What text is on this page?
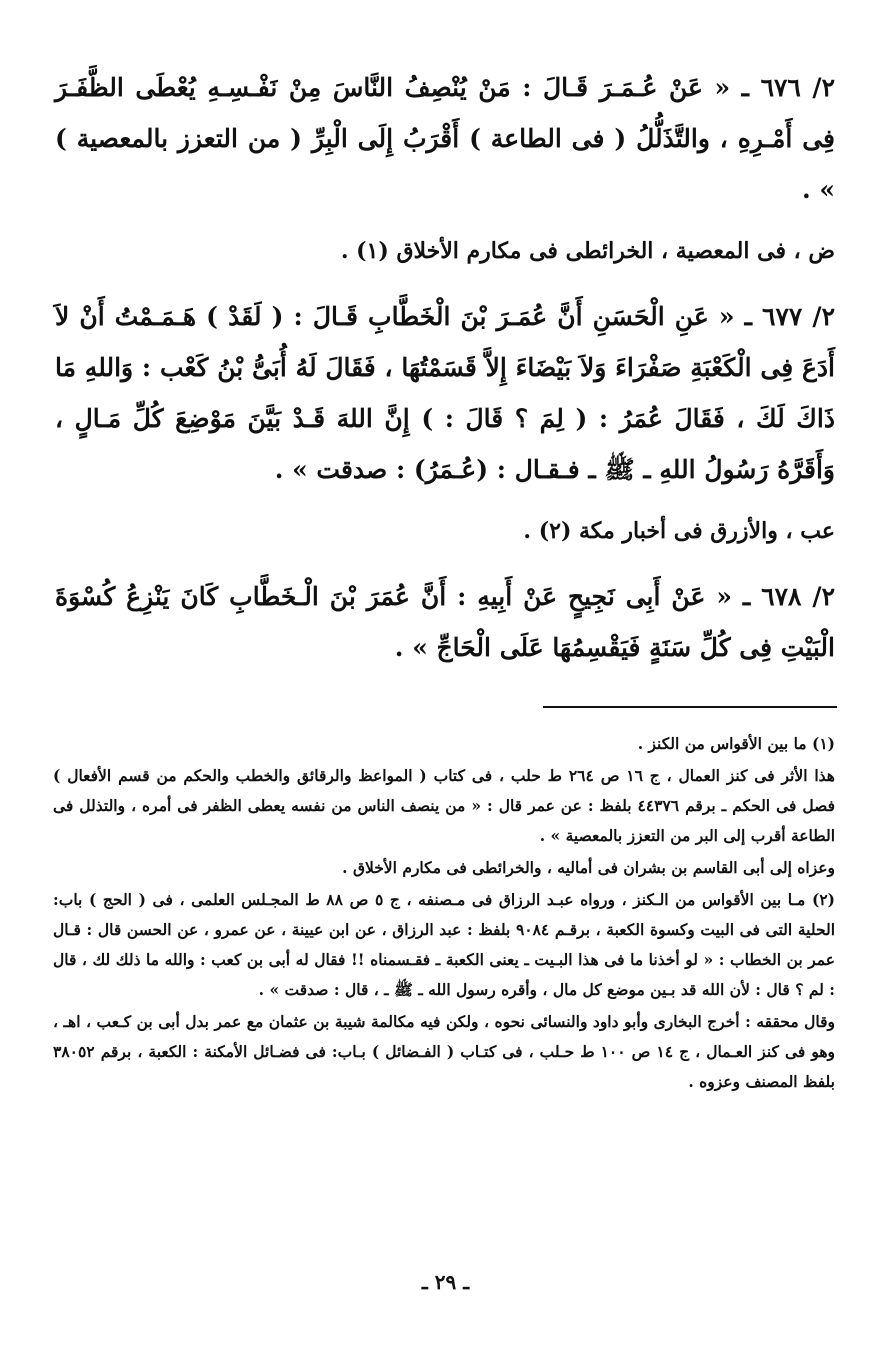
٢/ ٦٧٦ ـ « عَنْ عُـمَـرَ قَـالَ : مَنْ يُنْصِفُ النَّاسَ مِنْ نَفْـسِـهِ يُعْطَى الظَّفَـرَ فِى أَمْـرِهِ ، والتَّذَلُّلُ ( فى الطاعة ) أَقْرَبُ إِلَى الْبِرِّ ( من التعزز بالمعصية ) » .

ض ، فى المعصية ، الخرائطى فى مكارم الأخلاق (١) .

٢/ ٦٧٧ ـ « عَنِ الْحَسَنِ أَنَّ عُمَـرَ بْنَ الْخَطَّابِ قَـالَ : ( لَقَدْ ) هَـمَـمْتُ أَنْ لاَ أَدَعَ فِى الْكَعْبَةِ صَفْرَاءَ وَلاَ بَيْضَاءَ إِلاَّ قَسَمْتُهَا ، فَقَالَ لَهُ أُبَىُّ بْنُ كَعْب : وَاللهِ مَا ذَاكَ لَكَ ، فَقَالَ عُمَرُ : ( لِمَ ؟ قَالَ : ) إِنَّ اللهَ قَـدْ بَيَّنَ مَوْضِعَ كُلِّ مَـالٍ ، وَأَقَرَّهُ رَسُولُ اللهِ ـ ﷺ ـ فـقـال : (عُـمَرُ) : صدقت » .

عب ، والأزرق فى أخبار مكة (٢) .

٢/ ٦٧٨ ـ « عَنْ أَبِى نَجِيحٍ عَنْ أَبِيهِ : أَنَّ عُمَرَ بْنَ الْـخَطَّابِ كَانَ يَنْزِعُ كُسْوَةَ الْبَيْتِ فِى كُلِّ سَنَةٍ فَيَقْسِمُهَا عَلَى الْحَاجِّ » .

(١) ما بين الأقواس من الكنز .

هذا الأثر فى كنز العمال ، ج ١٦ ص ٢٦٤ ط حلب ، فى كتاب ( المواعظ والرقائق والخطب والحكم من قسم الأفعال ) فصل فى الحكم ـ برقم ٤٤٣٧٦ بلفظ : عن عمر قال : « من ينصف الناس من نفسه يعطى الظفر فى أمره ، والتذلل فى الطاعة أقرب إلى البر من التعزز بالمعصية » .

وعزاه إلى أبى القاسم بن بشران فى أماليه ، والخرائطى فى مكارم الأخلاق .

(٢) مـا بين الأقواس من الـكنز ، ورواه عبـد الرزاق فى مـصنفه ، ج ٥ ص ٨٨ ط المجـلس العلمى ، فى ( الحج ) باب: الحلية التى فى البيت وكسوة الكعبة ، برقـم ٩٠٨٤ بلفظ : عبد الرزاق ، عن ابن عيينة ، عن عمرو ، عن الحسن قال : قـال عمر بن الخطاب : « لو أخذنا ما فى هذا البـيت ـ يعنى الكعبة ـ فقـسمناه !! فقال له أبى بن كعب : والله ما ذلك لك ، قال : لم ؟ قال : لأن الله قد بـين موضع كل مال ، وأقره رسول الله ـ ﷺ ـ ، قال : صدقت » .

وقال محققه : أخرج البخارى وأبو داود والنسائى نحوه ، ولكن فيه مكالمة شيبة بن عثمان مع عمر بدل أبى بن كـعب ، اهـ ، وهو فى كنز العـمال ، ج ١٤ ص ١٠٠ ط حـلب ، فى كتـاب ( الفـضائل ) بـاب: فى فضـائل الأمكنة : الكعبة ، برقم ٣٨٠٥٢ بلفظ المصنف وعزوه .

ـ ٢٩ ـ
